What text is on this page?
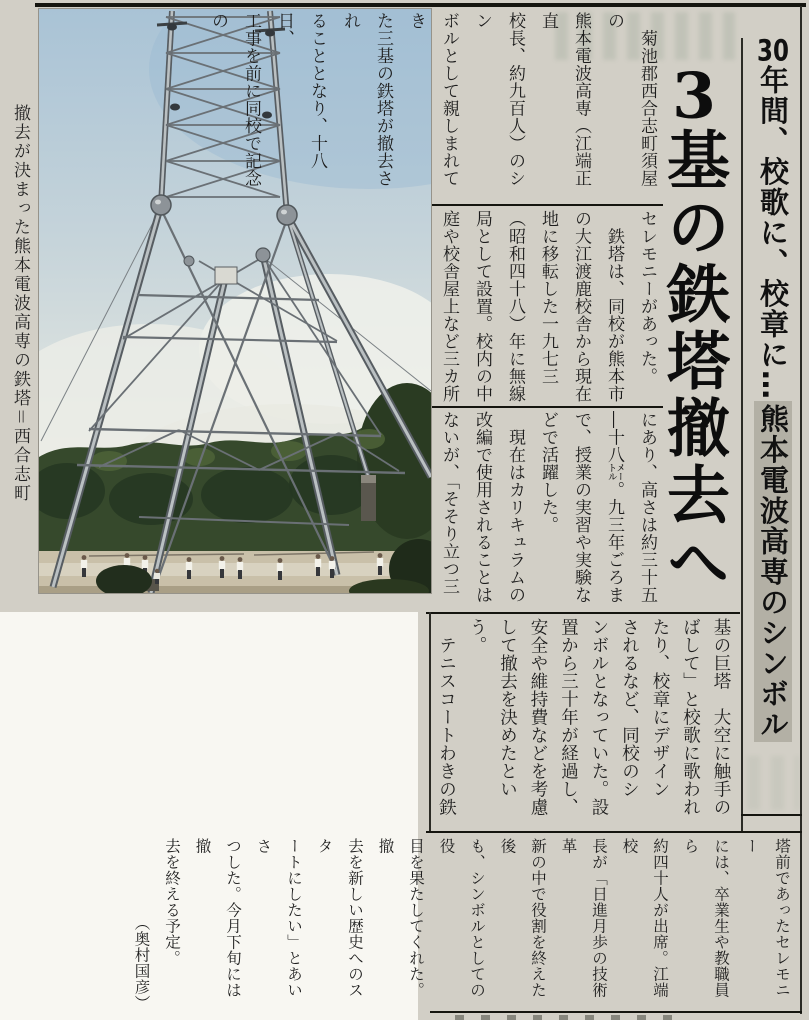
撤去が決まった熊本電波高専の鉄塔＝西合志町
30年間、校歌に、校章に…熊本電波高専のシンボル
3基の鉄塔撤去へ
　菊池郡西合志町須屋の
熊本電波高専（江端正直
校長、約九百人）のシン
ボルとして親しまれてき
た三基の鉄塔が撤去され
ることとなり、十八日、
工事を前に同校で記念の
セレモニーがあった。
　鉄塔は、同校が熊本市
の大江渡鹿校舎から現在
地に移転した一九七三
（昭和四十八）年に無線
局として設置。校内の中
庭や校舎屋上など三カ所
にあり、高さは約三十五
―十八㍍。九三年ごろま
で、授業の実習や実験な
どで活躍した。
　現在はカリキュラムの
改編で使用されることは
ないが、「そそり立つ三
基の巨塔　大空に触手の
ばして」と校歌に歌われ
たり、校章にデザイン
されるなど、同校のシ
ンボルとなっていた。設
置から三十年が経過し、
安全や維持費などを考慮
して撤去を決めたとい
う。
　テニスコートわきの鉄
塔前であったセレモニー
には、卒業生や教職員ら
約四十人が出席。江端校
長が「日進月歩の技術革
新の中で役割を終えた後
も、シンボルとしての役
目を果たしてくれた。撤
去を新しい歴史へのスタ
ートにしたい」とあいさ
つした。今月下旬には撤
去を終える予定。
（奥村国彦）
